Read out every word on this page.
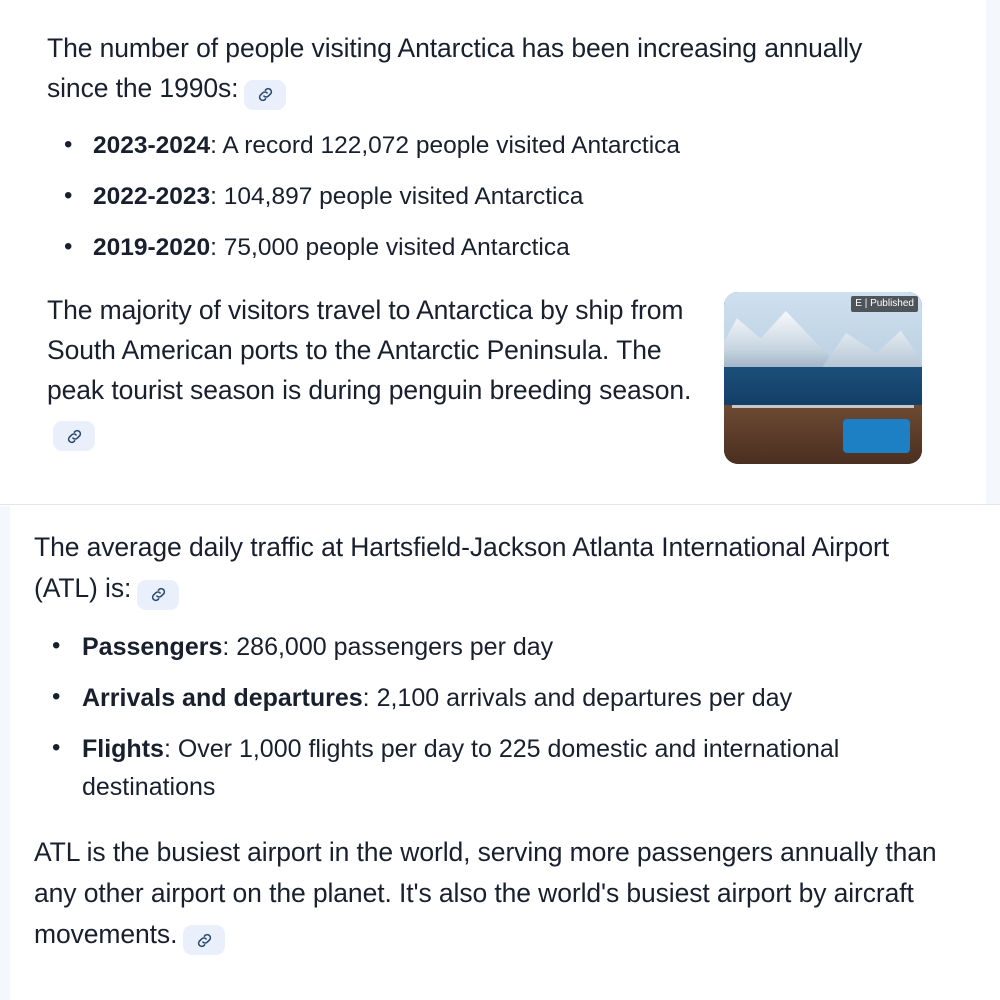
The number of people visiting Antarctica has been increasing annually since the 1990s:

• 2023-2024: A record 122,072 people visited Antarctica
• 2022-2023: 104,897 people visited Antarctica
• 2019-2020: 75,000 people visited Antarctica
E | Published

The majority of visitors travel to Antarctica by ship from South American ports to the Antarctic Peninsula. The peak tourist season is during penguin breeding season.

The average daily traffic at Hartsfield-Jackson Atlanta International Airport (ATL) is:

• Passengers: 286,000 passengers per day
• Arrivals and departures: 2,100 arrivals and departures per day
• Flights: Over 1,000 flights per day to 225 domestic and international destinations

ATL is the busiest airport in the world, serving more passengers annually than any other airport on the planet. It's also the world's busiest airport by aircraft movements.
